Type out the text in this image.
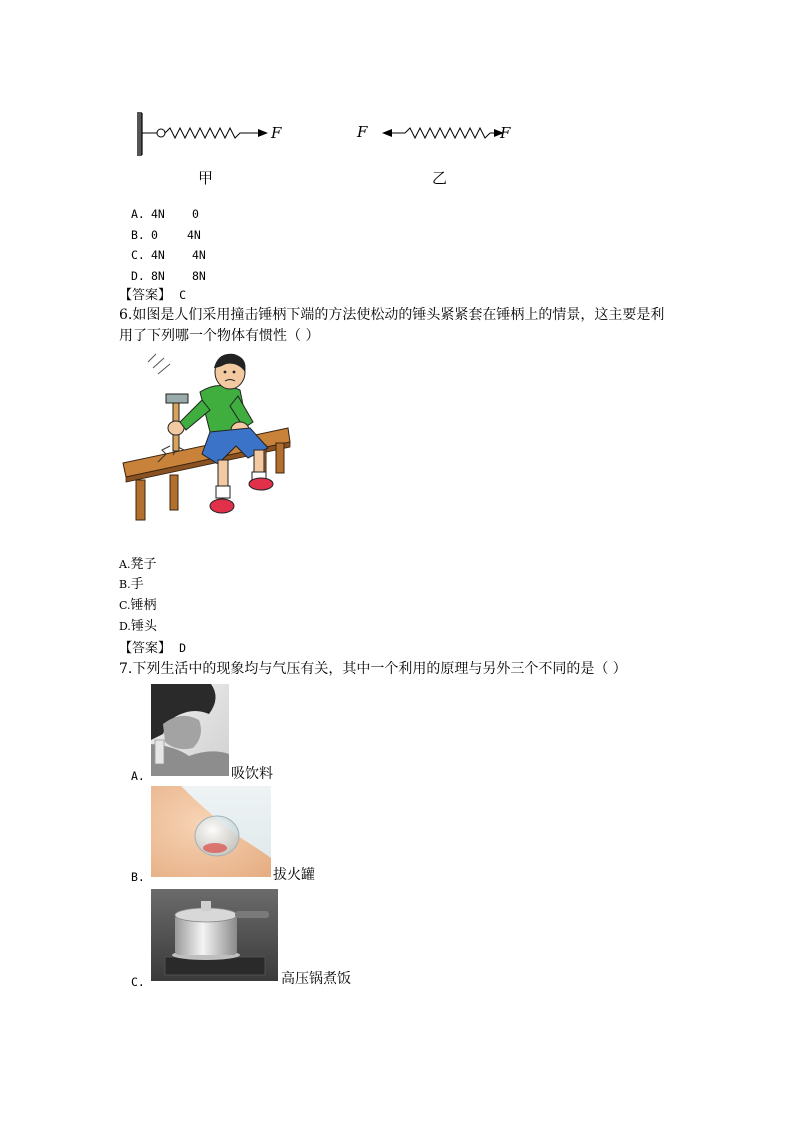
F	F	F
甲	乙
A. 4N 0
B. 0	4N
C. 4N 4N
D. 8N 8N
【答案】 C
6.如图是人们采用撞击锤柄下端的方法使松动的锤头紧紧套在锤柄上的情景，这主要是利
用了下列哪一个物体有惯性（ ）
A.凳子
B.手
C.锤柄
D.锤头
【答案】 D
7.下列生活中的现象均与气压有关，其中一个利用的原理与另外三个不同的是（ ）
A.	吸饮料
B.	拔火罐
C.	高压锅煮饭
